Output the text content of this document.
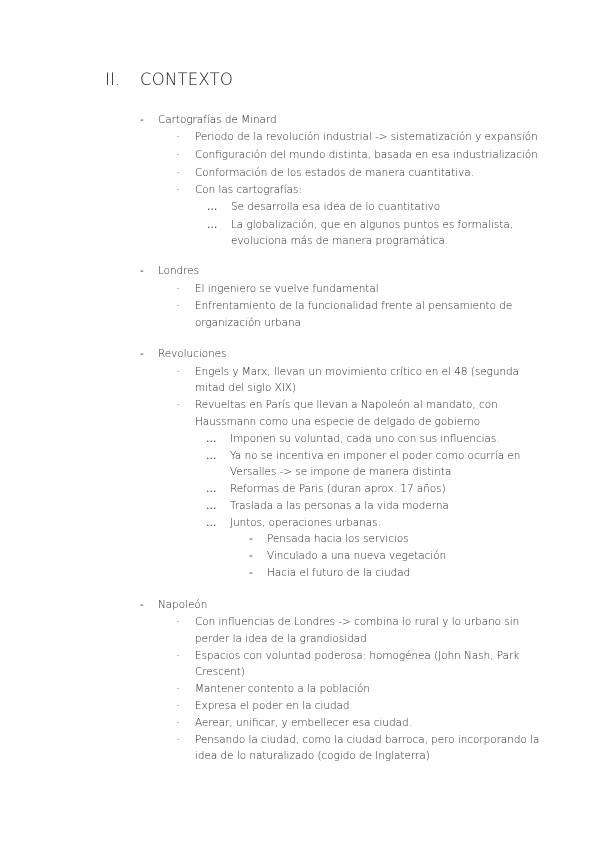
II. CONTEXTO
- Cartografías de Minard
· Periodo de la revolución industrial -> sistematización y expansión
· Configuración del mundo distinta, basada en esa industrialización
· Conformación de los estados de manera cuantitativa.
· Con las cartografías:
… Se desarrolla esa idea de lo cuantitativo
… La globalización, que en algunos puntos es formalista,
evoluciona más de manera programática.
- Londres
· El ingeniero se vuelve fundamental
· Enfrentamiento de la funcionalidad frente al pensamiento de
organización urbana
- Revoluciones
· Engels y Marx, llevan un movimiento crítico en el 48 (segunda
mitad del siglo XIX)
· Revueltas en París que llevan a Napoleón al mandato, con
Haussmann como una especie de delgado de gobierno
… Imponen su voluntad, cada uno con sus influencias.
… Ya no se incentiva en imponer el poder como ocurría en
Versalles -> se impone de manera distinta
… Reformas de Paris (duran aprox. 17 años)
… Traslada a las personas a la vida moderna
… Juntos, operaciones urbanas:
- Pensada hacia los servicios
- Vinculado a una nueva vegetación
- Hacia el futuro de la ciudad
- Napoleón
· Con influencias de Londres -> combina lo rural y lo urbano sin
perder la idea de la grandiosidad
· Espacios con voluntad poderosa: homogénea (John Nash, Park
Crescent)
· Mantener contento a la población
· Expresa el poder en la ciudad
· Aerear, unificar, y embellecer esa ciudad.
· Pensando la ciudad, como la ciudad barroca, pero incorporando la
idea de lo naturalizado (cogido de Inglaterra)
